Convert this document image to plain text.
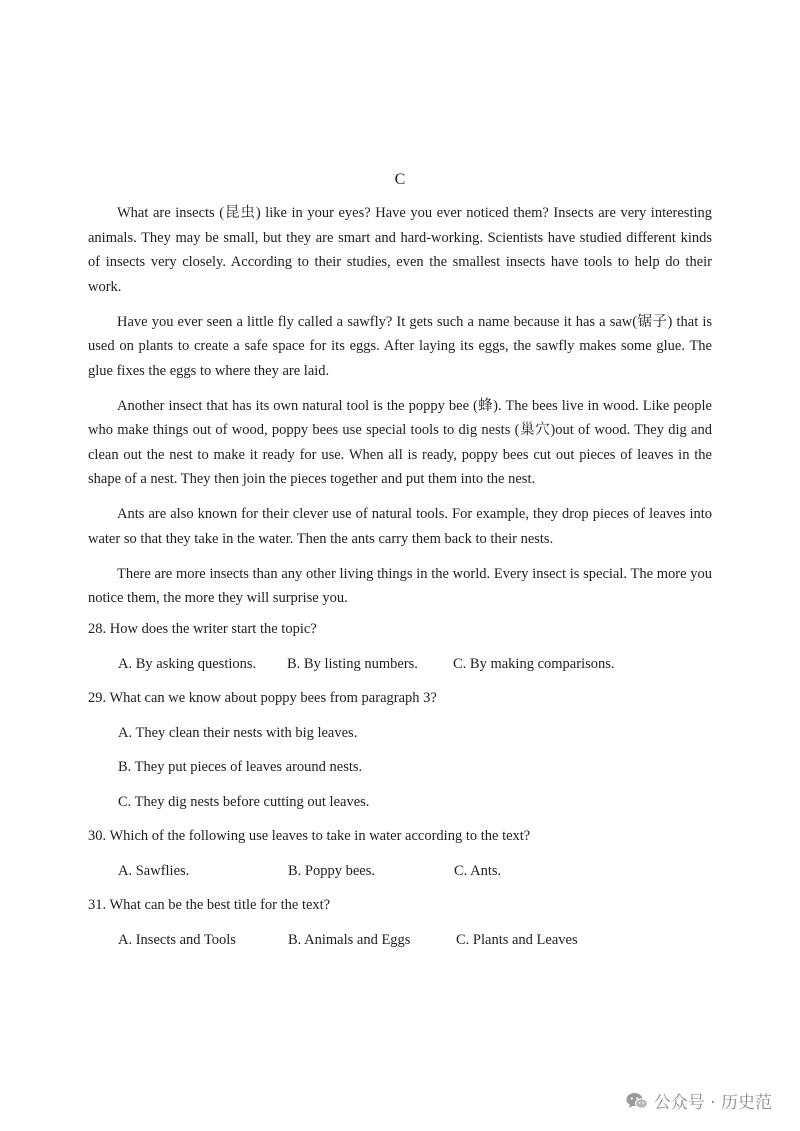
C

What are insects (昆虫) like in your eyes? Have you ever noticed them? Insects are very interesting animals. They may be small, but they are smart and hard-working. Scientists have studied different kinds of insects very closely. According to their studies, even the smallest insects have tools to help do their work.

Have you ever seen a little fly called a sawfly? It gets such a name because it has a saw(锯子) that is used on plants to create a safe space for its eggs. After laying its eggs, the sawfly makes some glue. The glue fixes the eggs to where they are laid.

Another insect that has its own natural tool is the poppy bee (蜂). The bees live in wood. Like people who make things out of wood, poppy bees use special tools to dig nests (巢穴)out of wood. They dig and clean out the nest to make it ready for use. When all is ready, poppy bees cut out pieces of leaves in the shape of a nest. They then join the pieces together and put them into the nest.

Ants are also known for their clever use of natural tools. For example, they drop pieces of leaves into water so that they take in the water. Then the ants carry them back to their nests.

There are more insects than any other living things in the world. Every insect is special. The more you notice them, the more they will surprise you.

28. How does the writer start the topic?
A. By asking questions.	B. By listing numbers.	C. By making comparisons.
29. What can we know about poppy bees from paragraph 3?
A. They clean their nests with big leaves.
B. They put pieces of leaves around nests.
C. They dig nests before cutting out leaves.
30. Which of the following use leaves to take in water according to the text?
A. Sawflies.	B. Poppy bees.	C. Ants.
31. What can be the best title for the text?
A. Insects and Tools	B. Animals and Eggs	C. Plants and Leaves
公众号 · 历史范
